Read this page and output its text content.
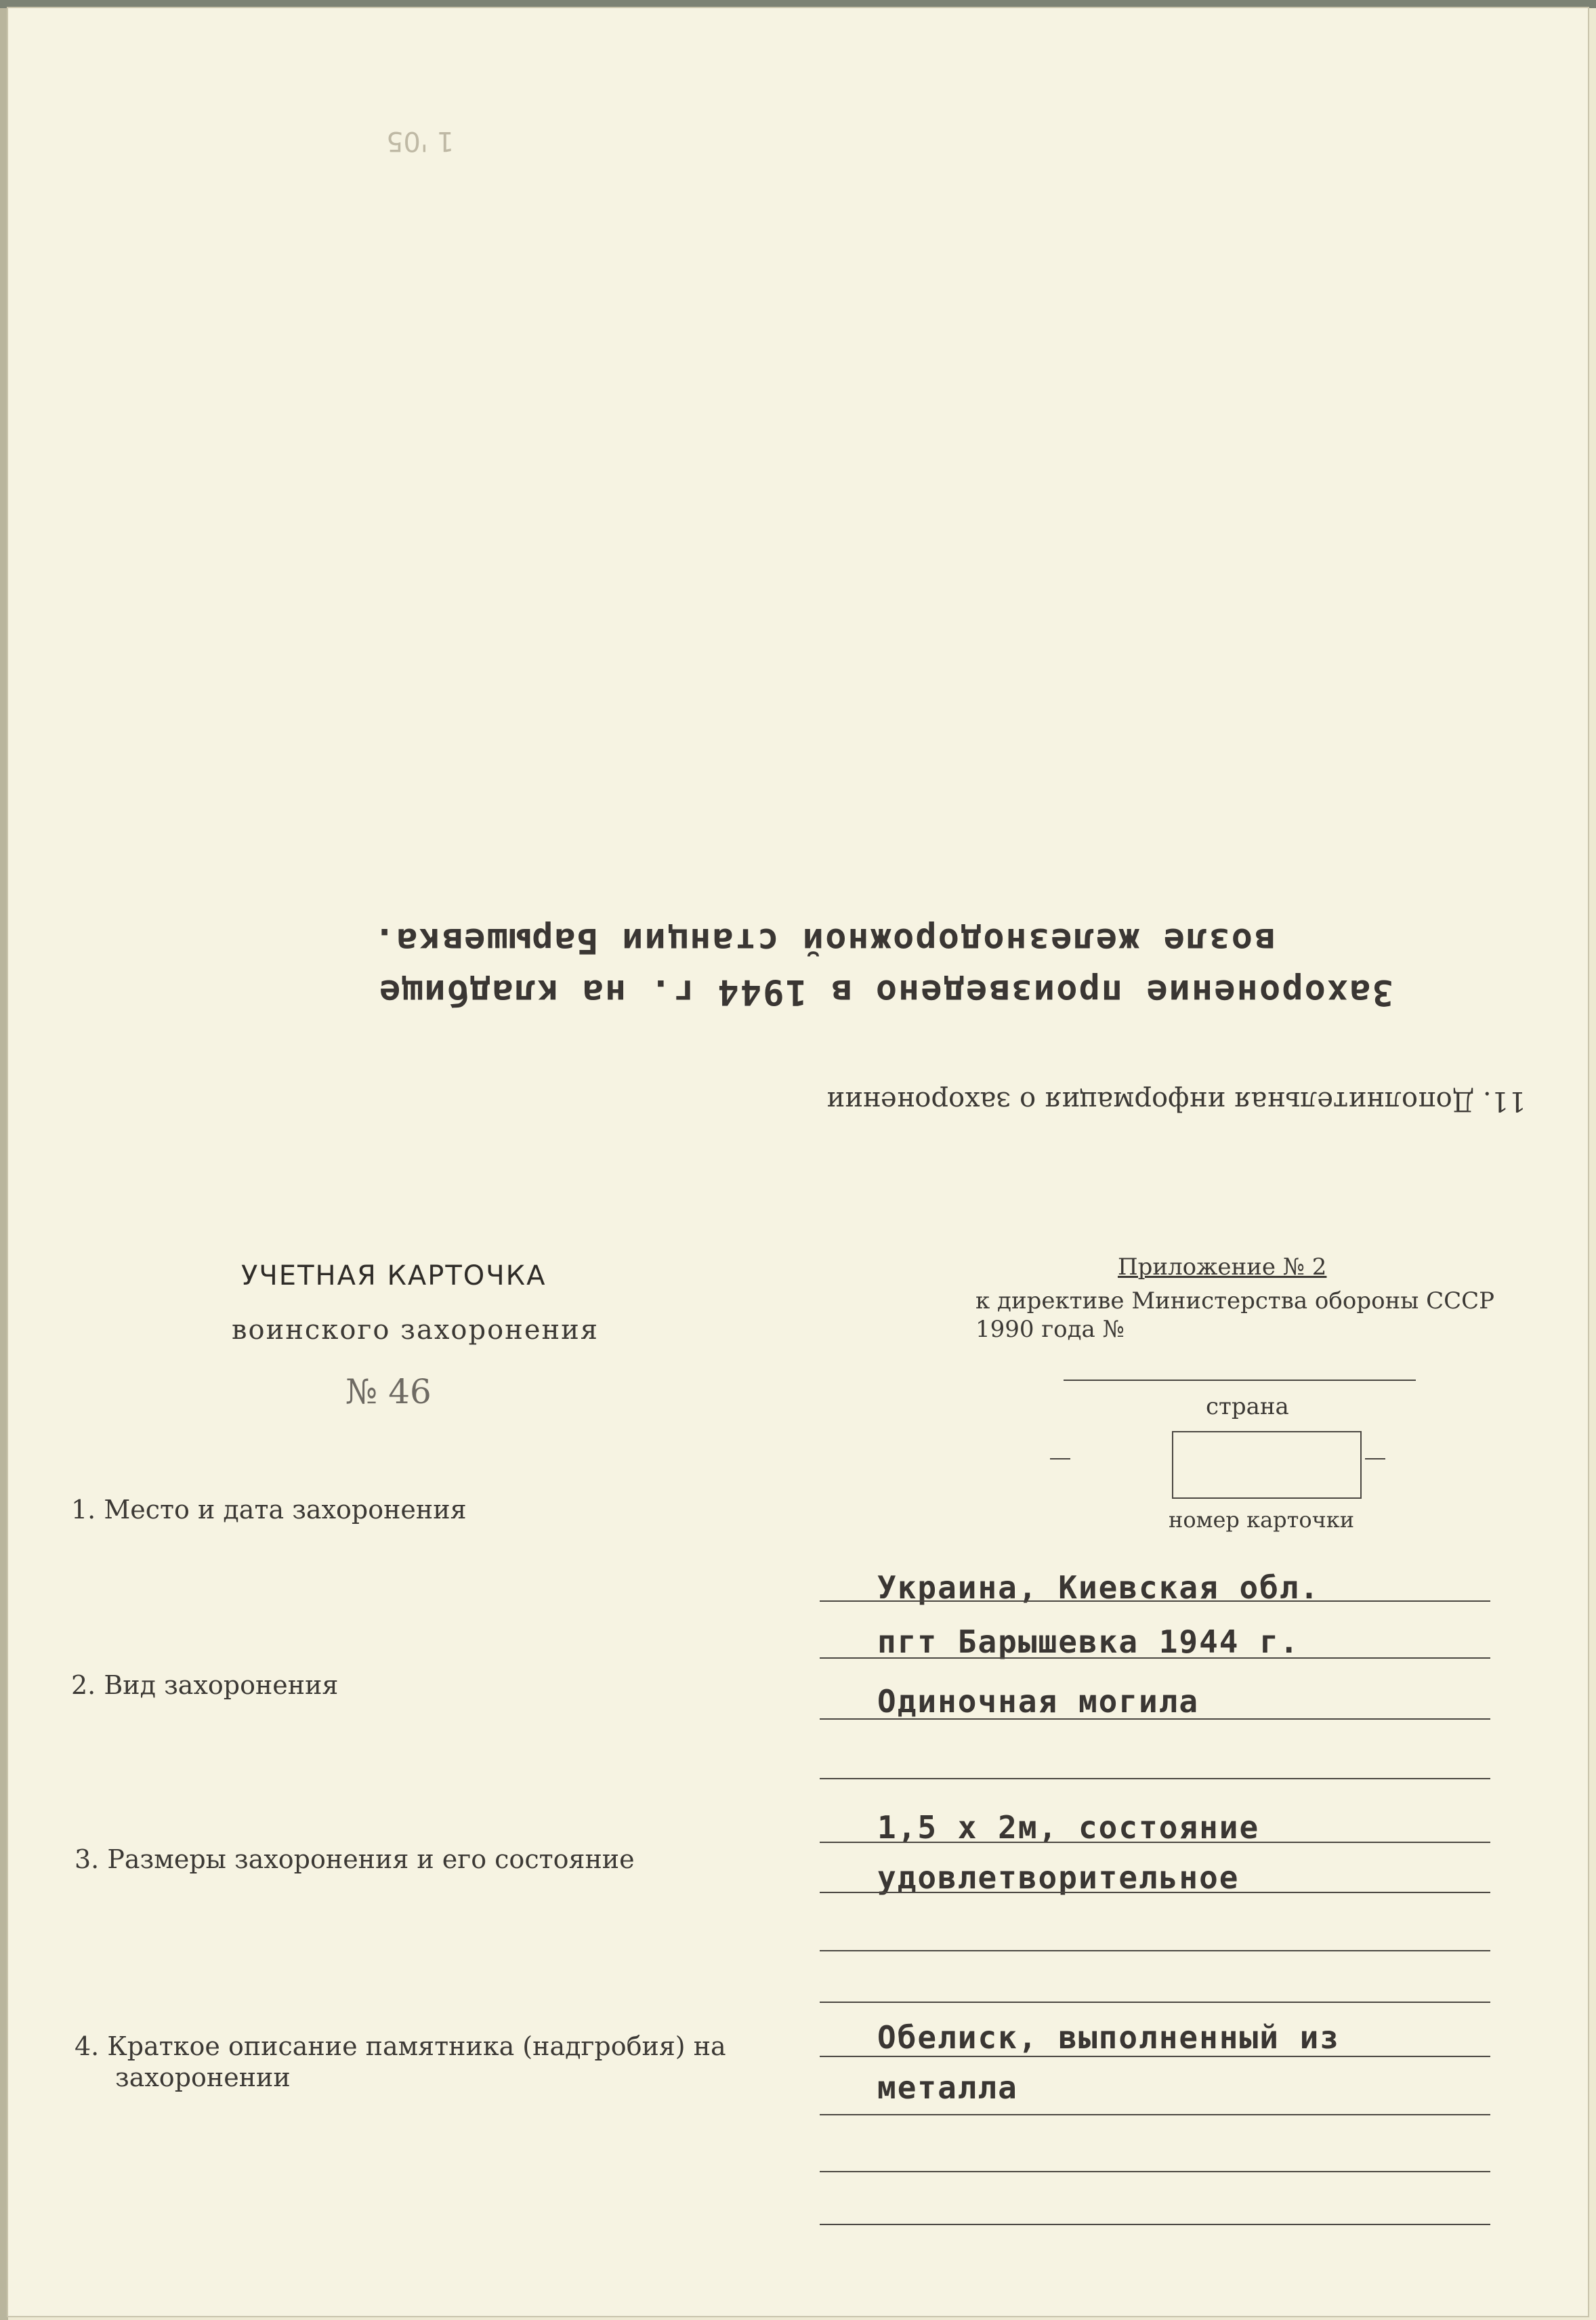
1 '05
возле железнодорожной станции Барышевка.
Захоронение произведено в 1944 г. на кладбище
11. Дополнительная информация о захоронении
УЧЕТНАЯ КАРТОЧКА
воинского захоронения
№ 46
Приложение № 2
к директиве Министерства обороны СССР
1990 года №
страна
номер карточки
1. Место и дата захоронения
Украина, Киевская обл.
пгт Барышевка 1944 г.
2. Вид захоронения	Одиночная могила
3. Размеры захоронения и его состояние
1,5 х 2м, состояние
удовлетворительное
4. Краткое описание памятника (надгробия) на
захоронении
Обелиск, выполненный из
металла
